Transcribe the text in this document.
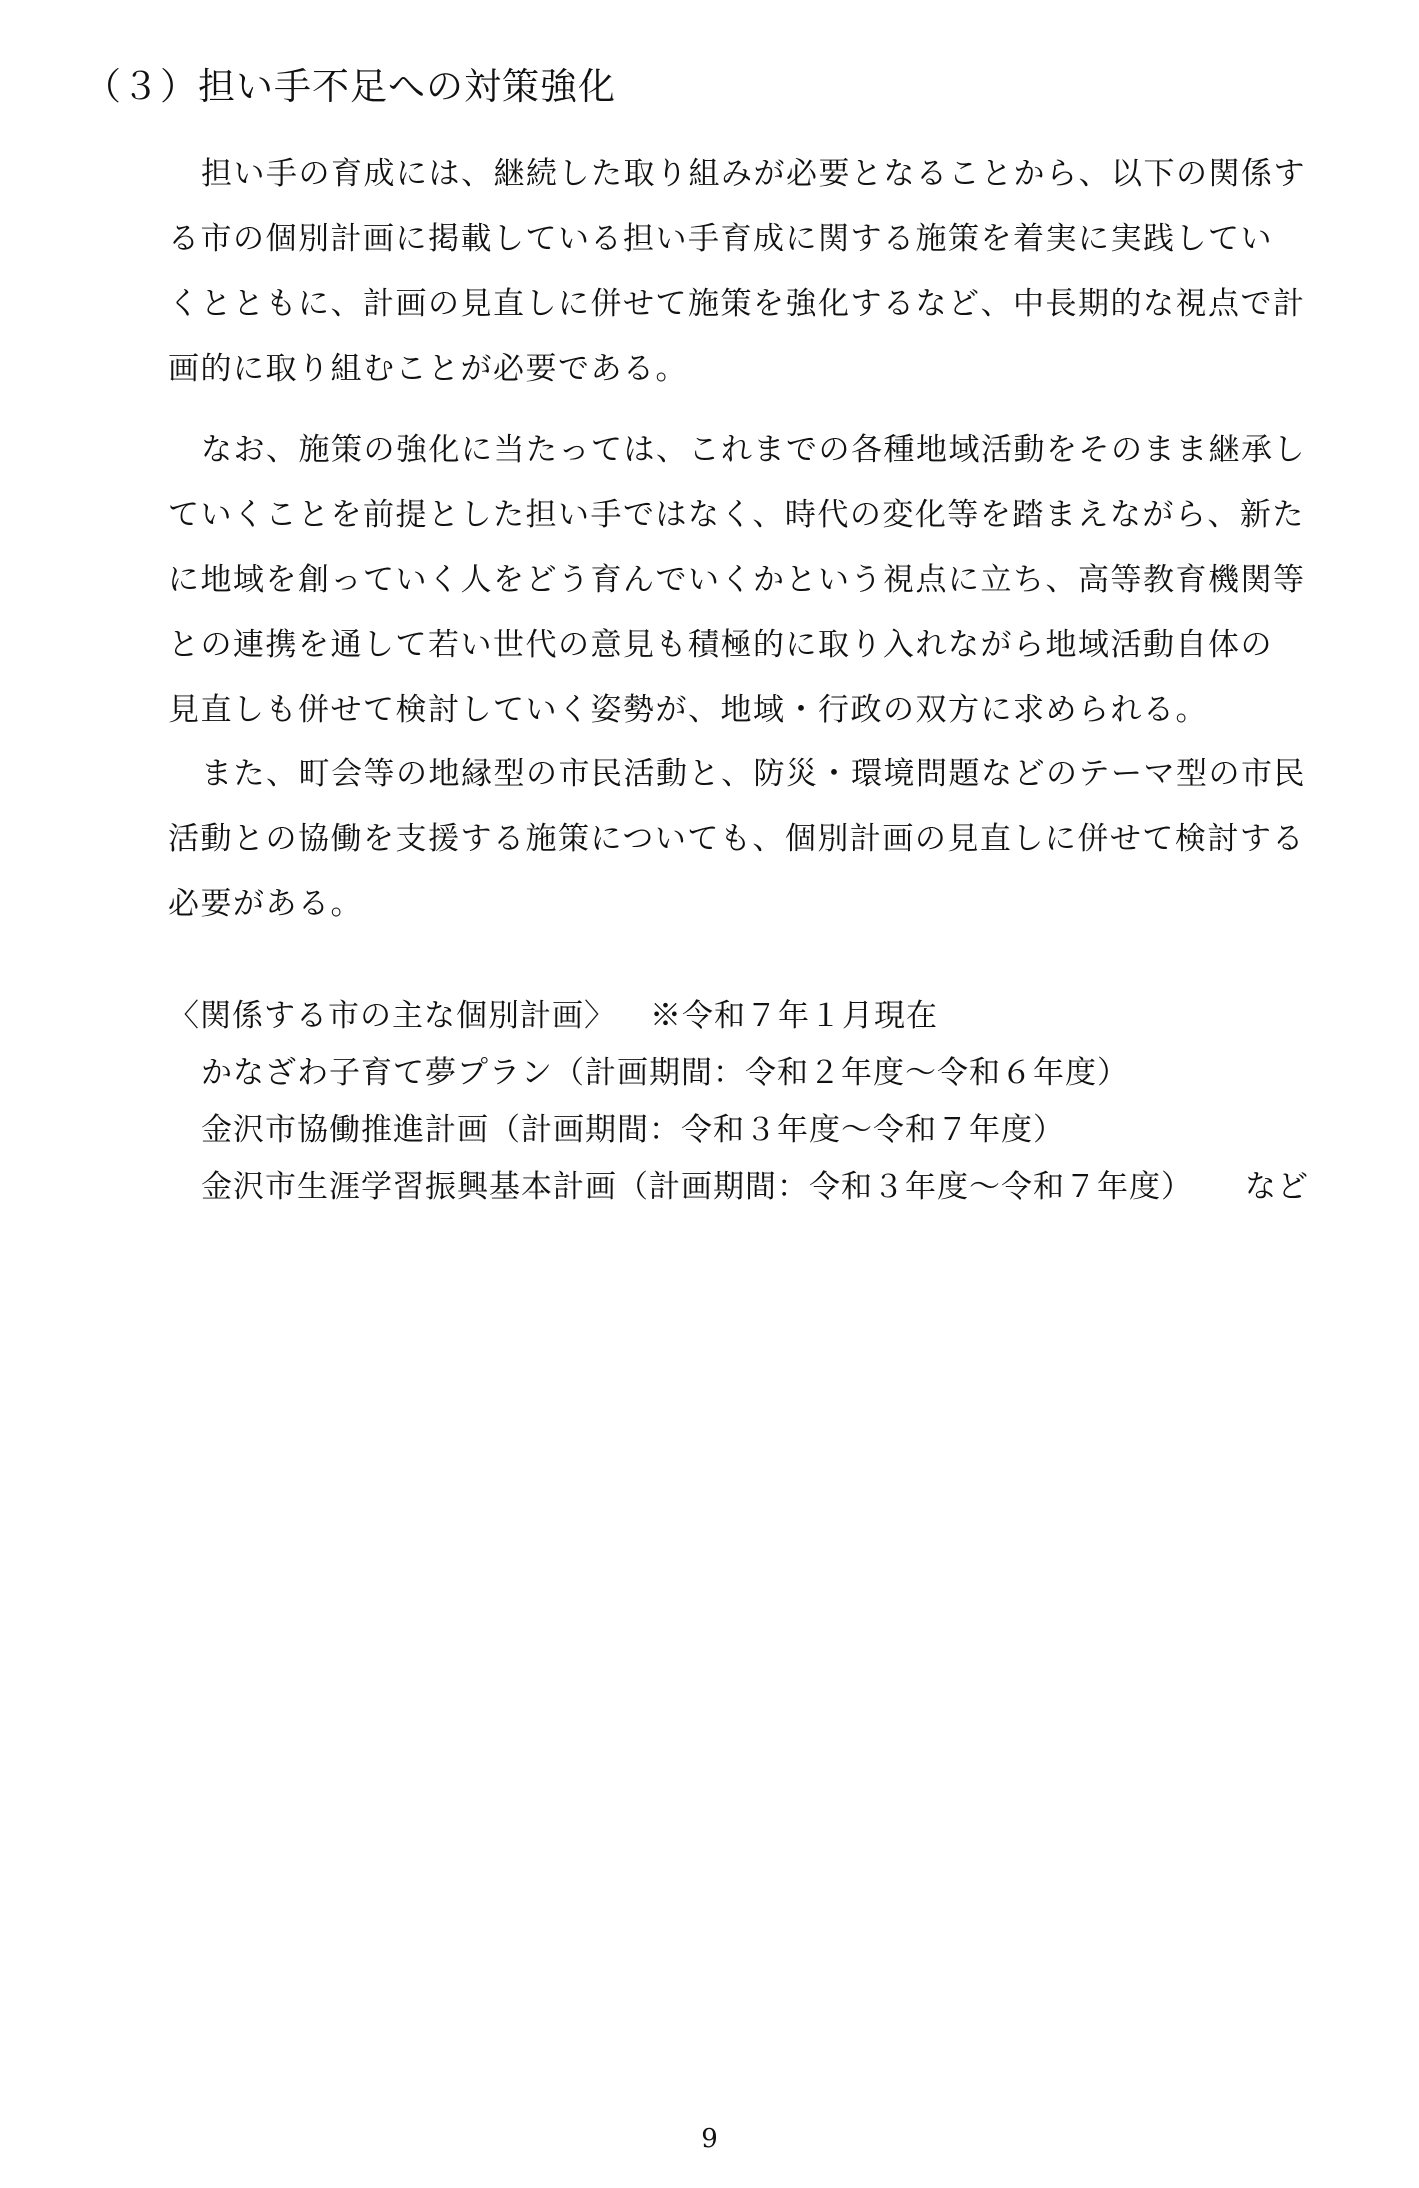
（３）担い手不足への対策強化
担い手の育成には、継続した取り組みが必要となることから、以下の関係す
る市の個別計画に掲載している担い手育成に関する施策を着実に実践してい
くとともに、計画の見直しに併せて施策を強化するなど、中長期的な視点で計
画的に取り組むことが必要である。
なお、施策の強化に当たっては、これまでの各種地域活動をそのまま継承し
ていくことを前提とした担い手ではなく、時代の変化等を踏まえながら、新た
に地域を創っていく人をどう育んでいくかという視点に立ち、高等教育機関等
との連携を通して若い世代の意見も積極的に取り入れながら地域活動自体の
見直しも併せて検討していく姿勢が、地域・行政の双方に求められる。
また、町会等の地縁型の市民活動と、防災・環境問題などのテーマ型の市民
活動との協働を支援する施策についても、個別計画の見直しに併せて検討する
必要がある。
〈関係する市の主な個別計画〉 ※令和７年１月現在
かなざわ子育て夢プラン（計画期間：令和２年度～令和６年度）
金沢市協働推進計画（計画期間：令和３年度～令和７年度）
金沢市生涯学習振興基本計画（計画期間：令和３年度～令和７年度） など
9
